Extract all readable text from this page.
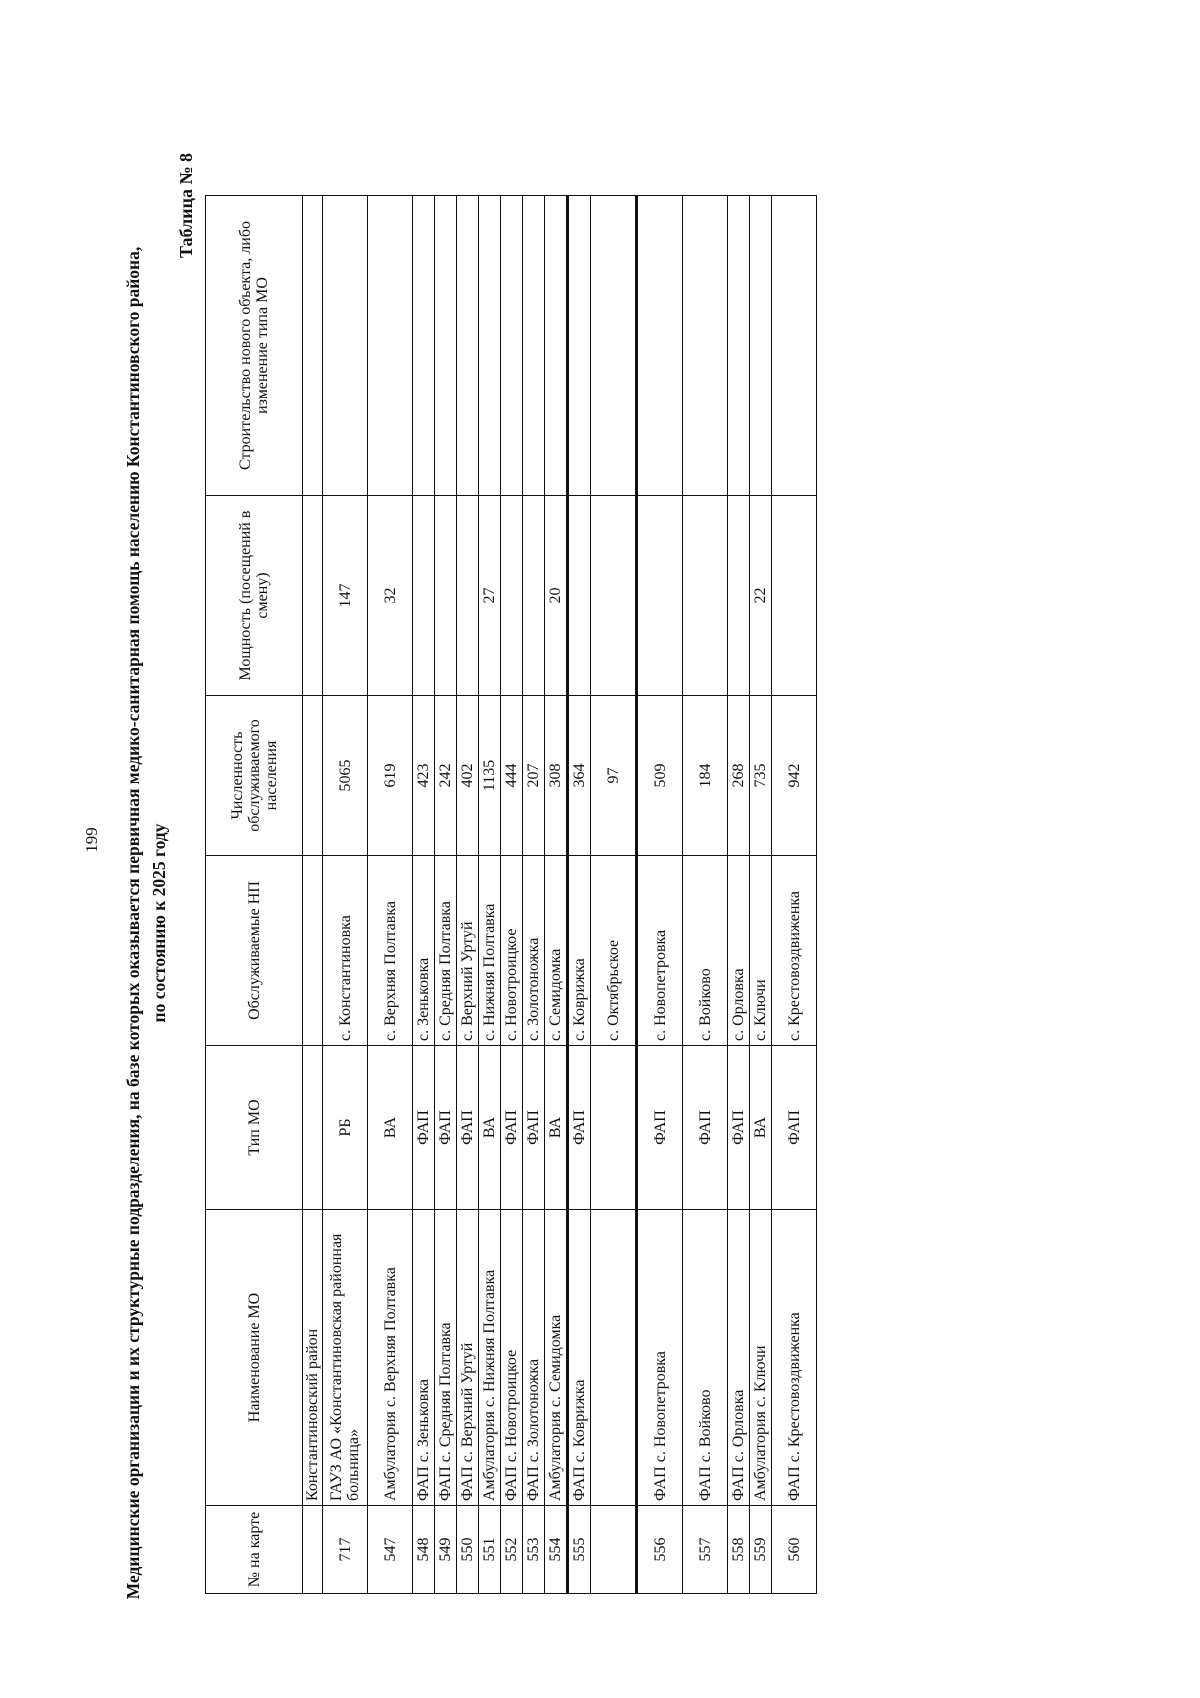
199 Медицинские организации и их структурные подразделения, на базе которых оказывается первичная медико-санитарная помощь населению Константиновского района, по состоянию к 2025 году
Таблица № 8
№ на карте	Наименование МО	Тип МО	Обслуживаемые НП	Численность обслуживаемого населения	Мощность (посещений в смену)	Строительство нового объекта, либо изменение типа МО
	Константиновский район					
717	ГАУЗ АО «Константиновская районная больница»	РБ	с. Константиновка	5065	147	
547	Амбулатория с. Верхняя Полтавка	ВА	с. Верхняя Полтавка	619	32	
548	ФАП с. Зеньковка	ФАП	с. Зеньковка	423		
549	ФАП с. Средняя Полтавка	ФАП	с. Средняя Полтавка	242		
550	ФАП с. Верхний Уртуй	ФАП	с. Верхний Уртуй	402		
551	Амбулатория с. Нижняя Полтавка	ВА	с. Нижняя Полтавка	1135	27	
552	ФАП с. Новотроицкое	ФАП	с. Новотроицкое	444		
553	ФАП с. Золотоножка	ФАП	с. Золотоножка	207		
554	Амбулатория с. Семидомка	ВА	с. Семидомка	308	20	
555	ФАП с. Коврижка	ФАП	с. Коврижка	364		
			с. Октябрьское	97		
556	ФАП с. Новопетровка	ФАП	с. Новопетровка	509		
557	ФАП с. Войково	ФАП	с. Войково	184		
558	ФАП с. Орловка	ФАП	с. Орловка	268		
559	Амбулатория с. Ключи	ВА	с. Ключи	735	22	
560	ФАП с. Крестовоздвиженка	ФАП	с. Крестовоздвиженка	942		
